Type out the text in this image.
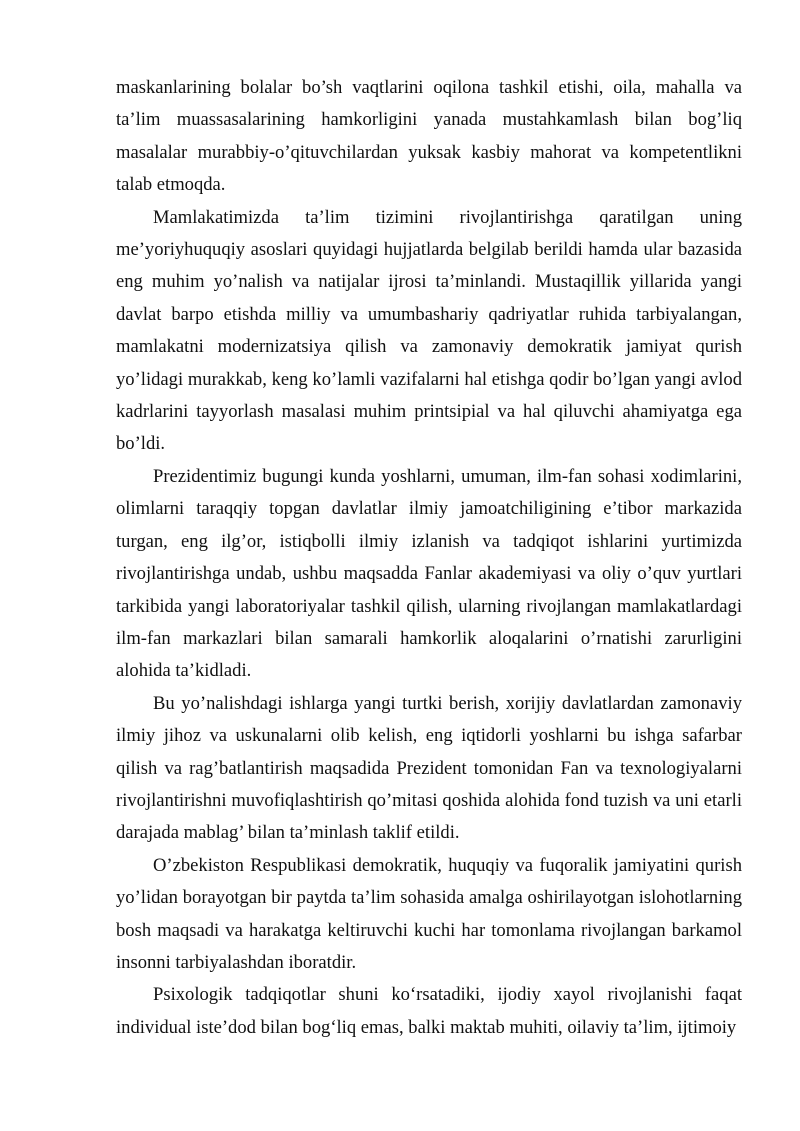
maskanlarining bolalar bo’sh vaqtlarini oqilona tashkil etishi, oila, mahalla va ta’lim muassasalarining hamkorligini yanada mustahkamlash bilan bog’liq masalalar murabbiy-o’qituvchilardan yuksak kasbiy mahorat va kompetentlikni talab etmoqda.

Mamlakatimizda ta’lim tizimini rivojlantirishga qaratilgan uning me’yoriyhuquqiy asoslari quyidagi hujjatlarda belgilab berildi hamda ular bazasida eng muhim yo’nalish va natijalar ijrosi ta’minlandi. Mustaqillik yillarida yangi davlat barpo etishda milliy va umumbashariy qadriyatlar ruhida tarbiyalangan, mamlakatni modernizatsiya qilish va zamonaviy demokratik jamiyat qurish yo’lidagi murakkab, keng ko’lamli vazifalarni hal etishga qodir bo’lgan yangi avlod kadrlarini tayyorlash masalasi muhim printsipial va hal qiluvchi ahamiyatga ega bo’ldi.

Prezidentimiz bugungi kunda yoshlarni, umuman, ilm-fan sohasi xodimlarini, olimlarni taraqqiy topgan davlatlar ilmiy jamoatchiligining e’tibor markazida turgan, eng ilg’or, istiqbolli ilmiy izlanish va tadqiqot ishlarini yurtimizda rivojlantirishga undab, ushbu maqsadda Fanlar akademiyasi va oliy o’quv yurtlari tarkibida yangi laboratoriyalar tashkil qilish, ularning rivojlangan mamlakatlardagi ilm-fan markazlari bilan samarali hamkorlik aloqalarini o’rnatishi zarurligini alohida ta’kidladi.

Bu yo’nalishdagi ishlarga yangi turtki berish, xorijiy davlatlardan zamonaviy ilmiy jihoz va uskunalarni olib kelish, eng iqtidorli yoshlarni bu ishga safarbar qilish va rag’batlantirish maqsadida Prezident tomonidan Fan va texnologiyalarni rivojlantirishni muvofiqlashtirish qo’mitasi qoshida alohida fond tuzish va uni etarli darajada mablag’ bilan ta’minlash taklif etildi.

O’zbekiston Respublikasi demokratik, huquqiy va fuqoralik jamiyatini qurish yo’lidan borayotgan bir paytda ta’lim sohasida amalga oshirilayotgan islohotlarning bosh maqsadi va harakatga keltiruvchi kuchi har tomonlama rivojlangan barkamol insonni tarbiyalashdan iboratdir.

Psixologik tadqiqotlar shuni ko‘rsatadiki, ijodiy xayol rivojlanishi faqat individual iste’dod bilan bog‘liq emas, balki maktab muhiti, oilaviy ta’lim, ijtimoiy
